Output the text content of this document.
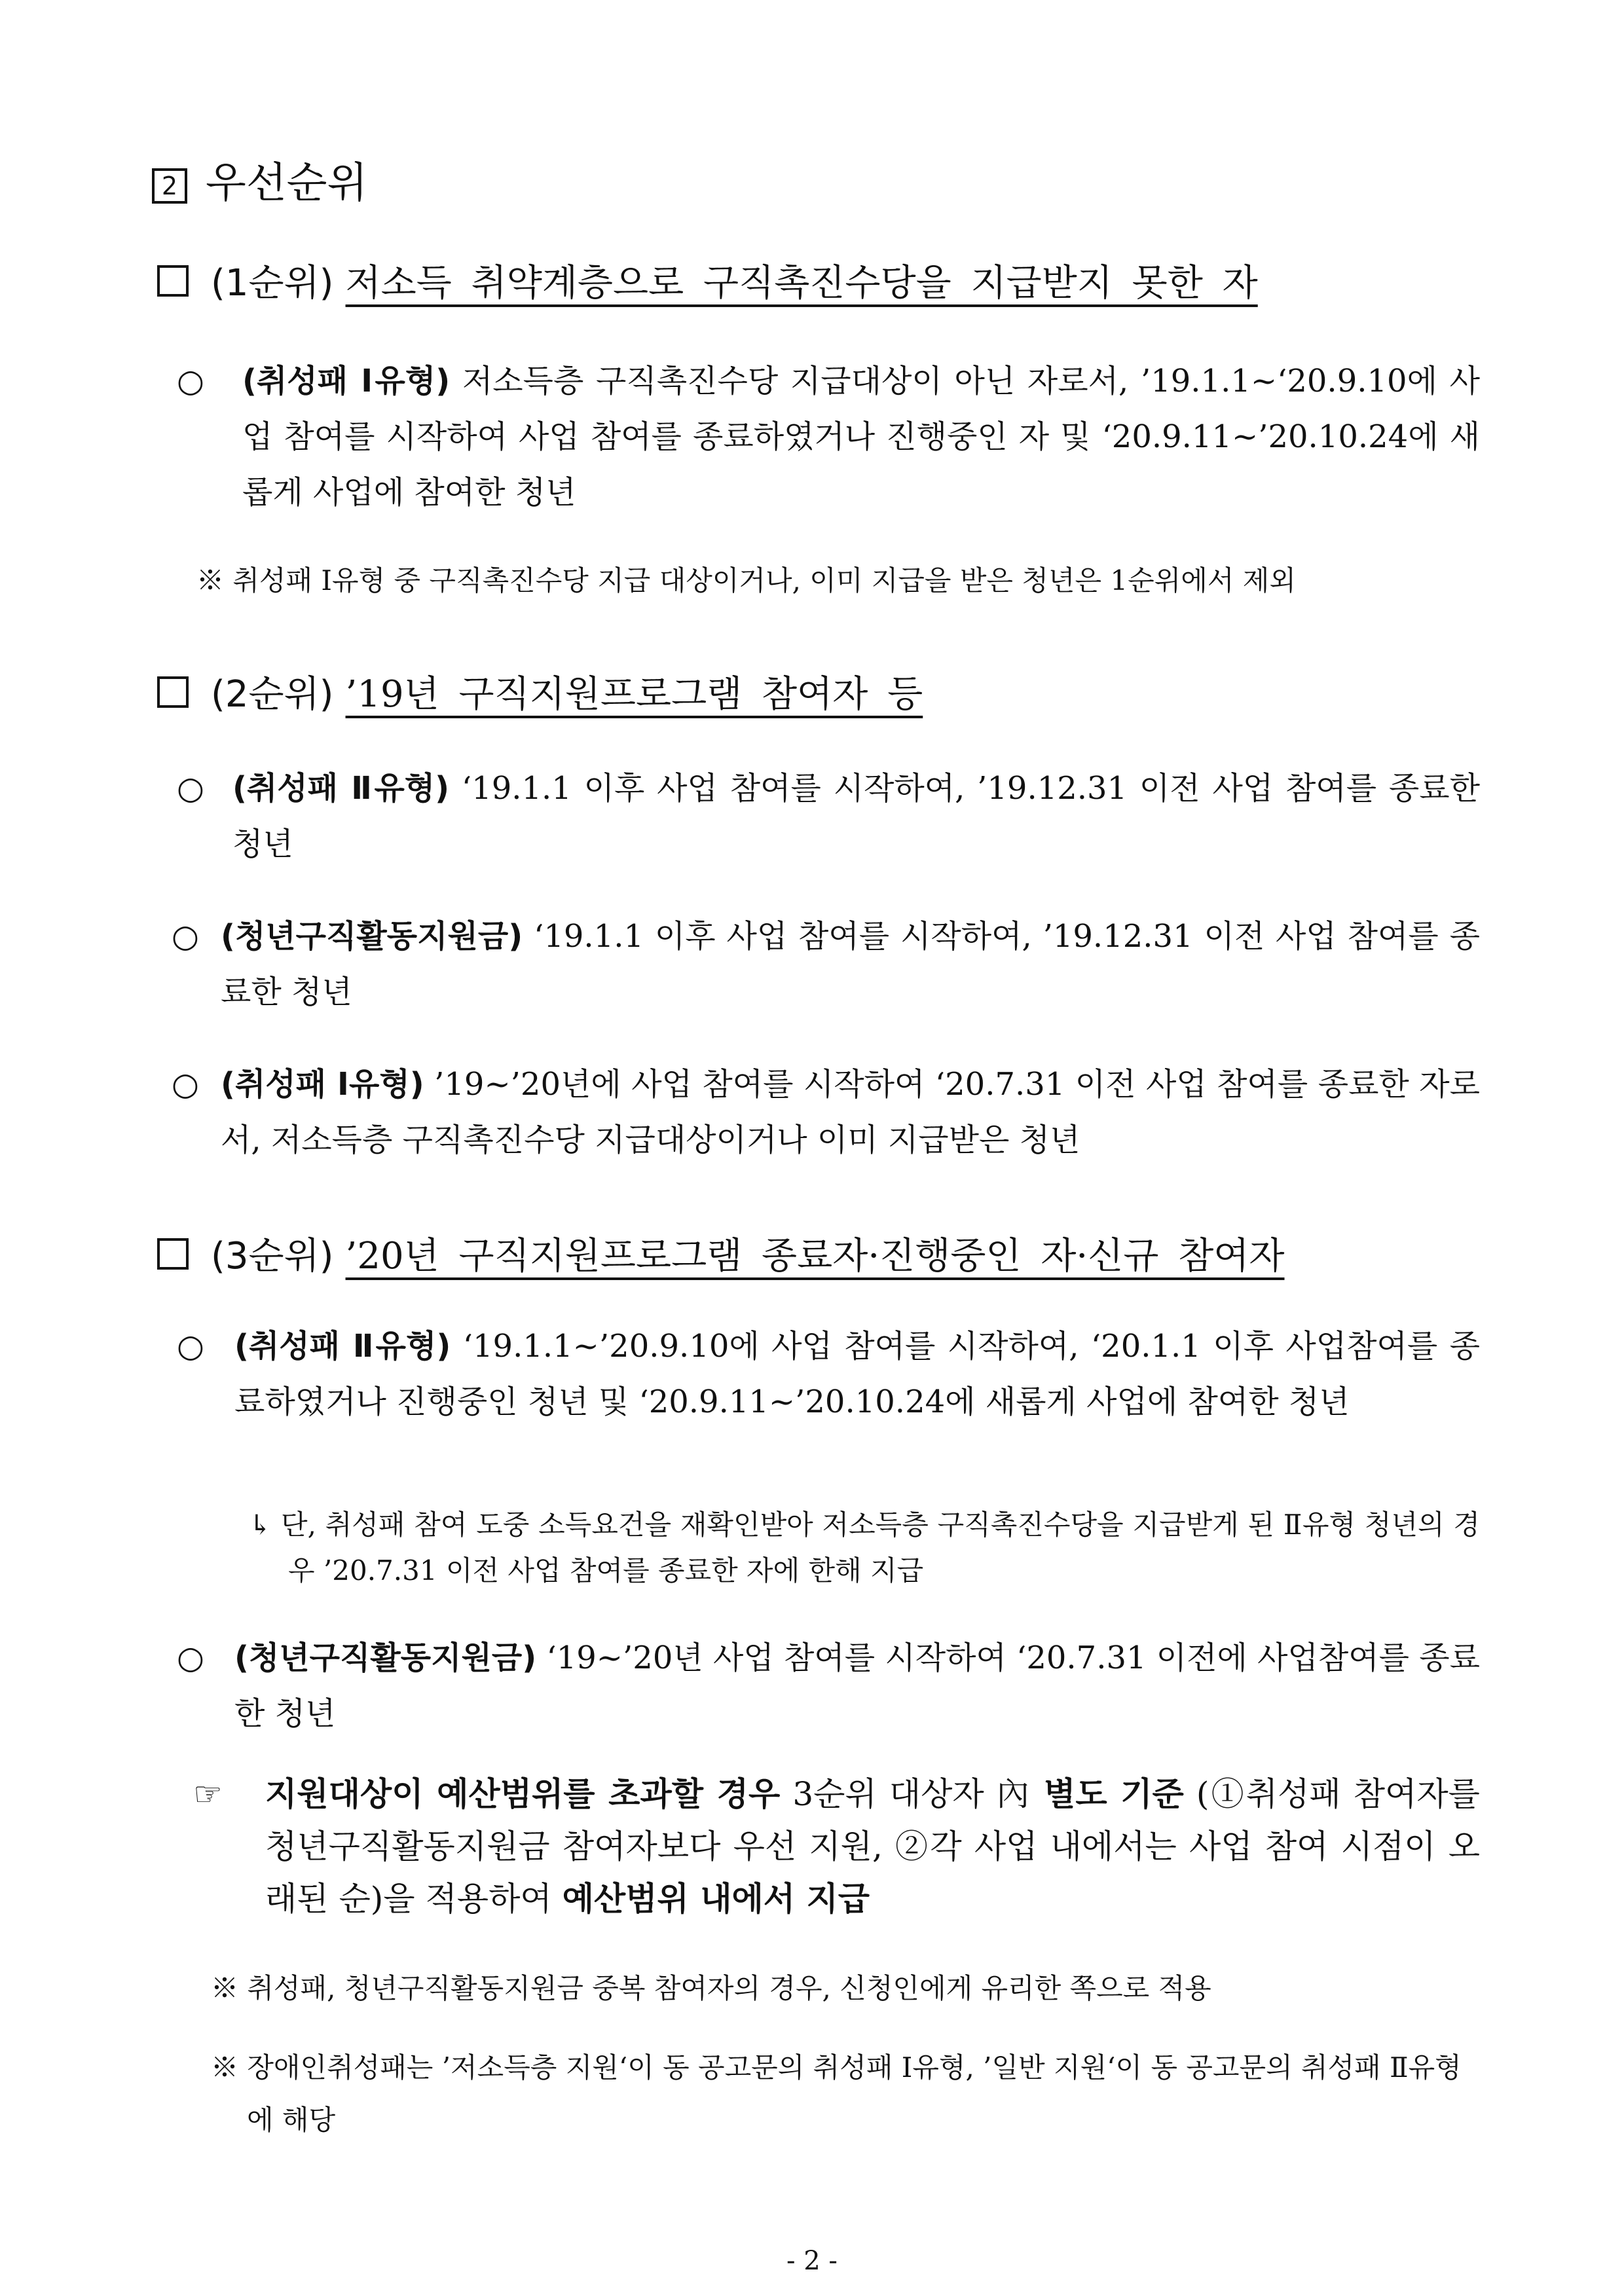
2 우선순위
(1순위) 저소득 취약계층으로 구직촉진수당을 지급받지 못한 자
○ (취성패 Ⅰ유형) 저소득층 구직촉진수당 지급대상이 아닌 자로서, ’19.1.1~‘20.9.10에 사업 참여를 시작하여 사업 참여를 종료하였거나 진행중인 자 및 ‘20.9.11~’20.10.24에 새롭게 사업에 참여한 청년
※ 취성패 Ⅰ유형 중 구직촉진수당 지급 대상이거나, 이미 지급을 받은 청년은 1순위에서 제외
(2순위) ’19년 구직지원프로그램 참여자 등
○ (취성패 Ⅱ유형) ‘19.1.1 이후 사업 참여를 시작하여, ’19.12.31 이전 사업 참여를 종료한 청년
○ (청년구직활동지원금) ‘19.1.1 이후 사업 참여를 시작하여, ’19.12.31 이전 사업 참여를 종료한 청년
○ (취성패 Ⅰ유형) ’19~’20년에 사업 참여를 시작하여 ‘20.7.31 이전 사업 참여를 종료한 자로서, 저소득층 구직촉진수당 지급대상이거나 이미 지급받은 청년
(3순위) ’20년 구직지원프로그램 종료자·진행중인 자·신규 참여자
○ (취성패 Ⅱ유형) ‘19.1.1~’20.9.10에 사업 참여를 시작하여, ‘20.1.1 이후 사업참여를 종료하였거나 진행중인 청년 및 ‘20.9.11~’20.10.24에 새롭게 사업에 참여한 청년
↳ 단, 취성패 참여 도중 소득요건을 재확인받아 저소득층 구직촉진수당을 지급받게 된 Ⅱ유형 청년의 경우 ’20.7.31 이전 사업 참여를 종료한 자에 한해 지급
○ (청년구직활동지원금) ‘19~’20년 사업 참여를 시작하여 ‘20.7.31 이전에 사업참여를 종료한 청년
☞ 지원대상이 예산범위를 초과할 경우 3순위 대상자 內 별도 기준 (①취성패 참여자를 청년구직활동지원금 참여자보다 우선 지원, ②각 사업 내에서는 사업 참여 시점이 오래된 순)을 적용하여 예산범위 내에서 지급
※ 취성패, 청년구직활동지원금 중복 참여자의 경우, 신청인에게 유리한 쪽으로 적용
※ 장애인취성패는 ’저소득층 지원‘이 동 공고문의 취성패 Ⅰ유형, ’일반 지원‘이 동 공고문의 취성패 Ⅱ유형에 해당
- 2 -
